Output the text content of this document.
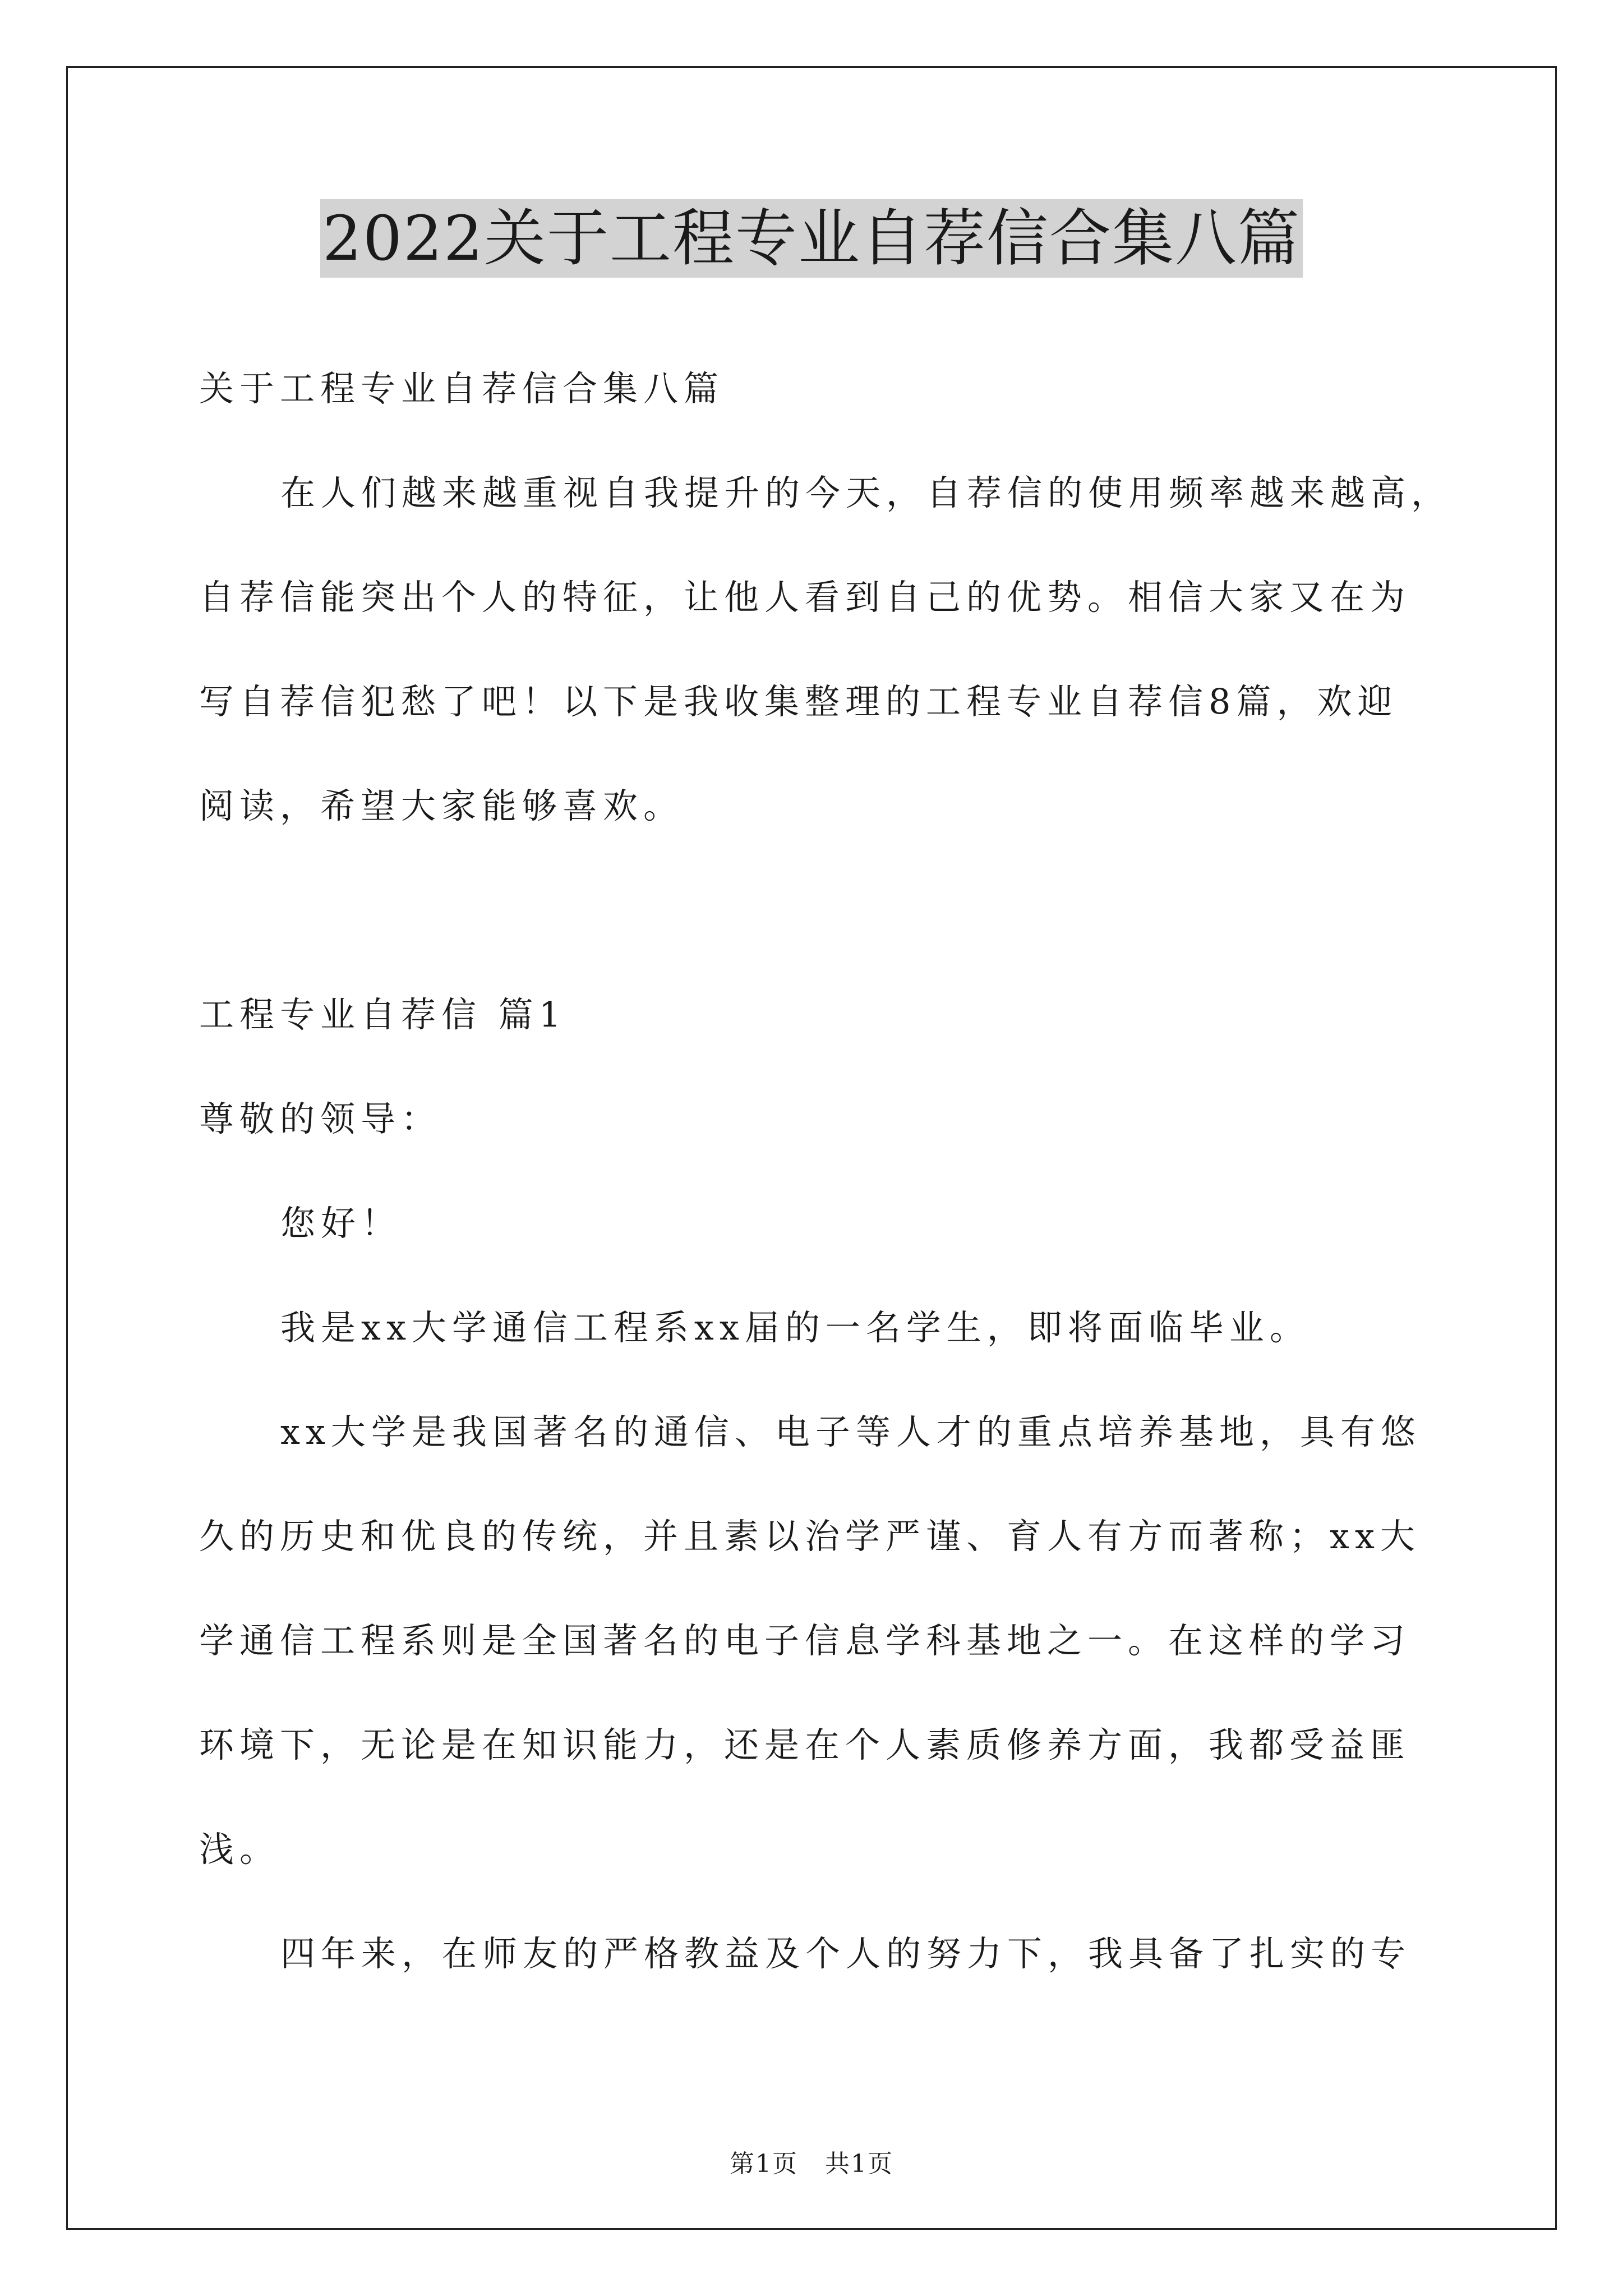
2022关于工程专业自荐信合集八篇
关于工程专业自荐信合集八篇
在人们越来越重视自我提升的今天，自荐信的使用频率越来越高，
自荐信能突出个人的特征，让他人看到自己的优势。相信大家又在为
写自荐信犯愁了吧！以下是我收集整理的工程专业自荐信8篇，欢迎
阅读，希望大家能够喜欢。
工程专业自荐信 篇1
尊敬的领导：
您好！
我是xx大学通信工程系xx届的一名学生，即将面临毕业。
xx大学是我国著名的通信、电子等人才的重点培养基地，具有悠
久的历史和优良的传统，并且素以治学严谨、育人有方而著称；xx大
学通信工程系则是全国著名的电子信息学科基地之一。在这样的学习
环境下，无论是在知识能力，还是在个人素质修养方面，我都受益匪
浅。
四年来，在师友的严格教益及个人的努力下，我具备了扎实的专
第1页 共1页
